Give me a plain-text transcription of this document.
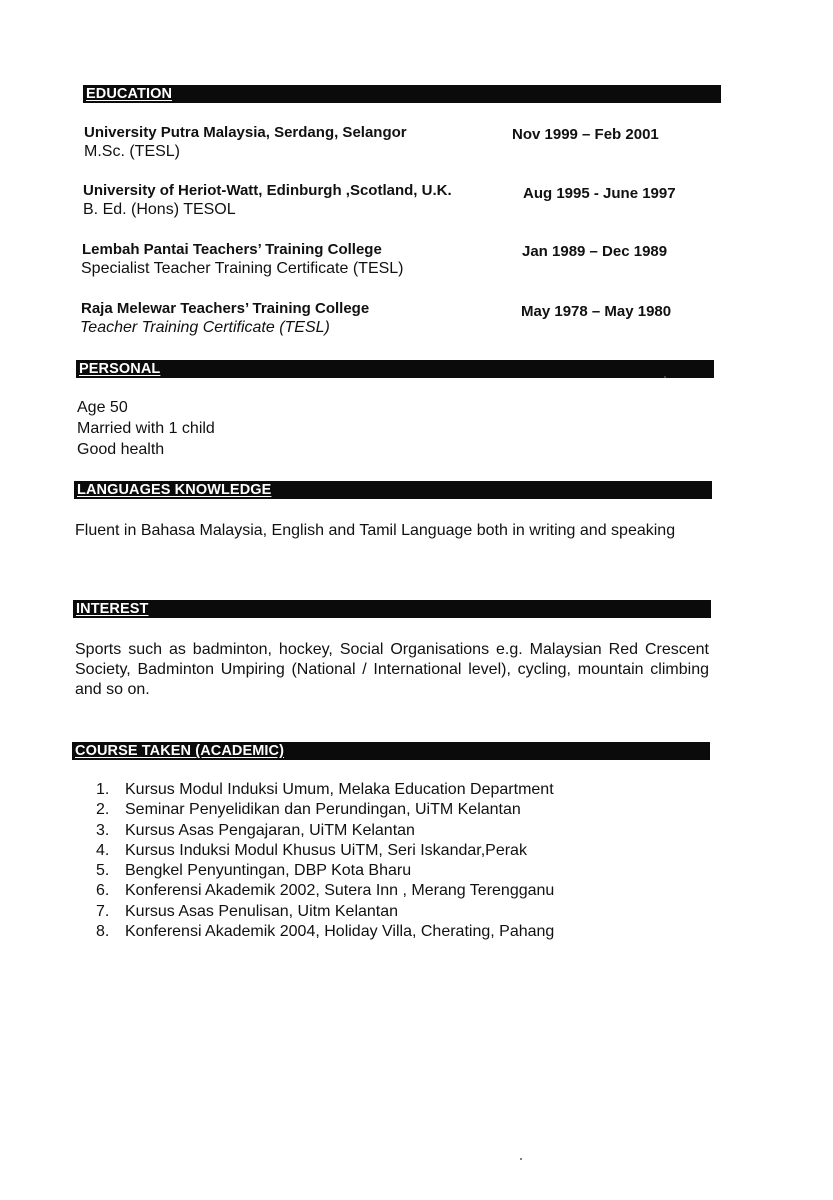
EDUCATION
University Putra Malaysia, Serdang, Selangor
M.Sc. (TESL)
Nov 1999 – Feb 2001
University of Heriot-Watt, Edinburgh ,Scotland, U.K.
B. Ed. (Hons) TESOL
Aug 1995 - June 1997
Lembah Pantai Teachers’ Training College
Specialist Teacher Training Certificate (TESL)
Jan 1989 – Dec 1989
Raja Melewar Teachers’ Training College
Teacher Training Certificate (TESL)
May 1978 – May 1980
PERSONAL
Age 50
Married with 1 child
Good health
LANGUAGES KNOWLEDGE
Fluent in Bahasa Malaysia, English and Tamil Language both in writing and speaking
INTEREST
Sports such as badminton, hockey, Social Organisations e.g. Malaysian Red Crescent Society, Badminton Umpiring (National / International level), cycling, mountain climbing and so on.
COURSE TAKEN (ACADEMIC)
1. Kursus Modul Induksi Umum, Melaka Education Department
2. Seminar Penyelidikan dan Perundingan, UiTM Kelantan
3. Kursus Asas Pengajaran, UiTM Kelantan
4. Kursus Induksi Modul Khusus UiTM, Seri Iskandar,Perak
5. Bengkel Penyuntingan, DBP Kota Bharu
6. Konferensi Akademik 2002, Sutera Inn , Merang Terengganu
7. Kursus Asas Penulisan, Uitm Kelantan
8. Konferensi Akademik 2004, Holiday Villa, Cherating, Pahang
